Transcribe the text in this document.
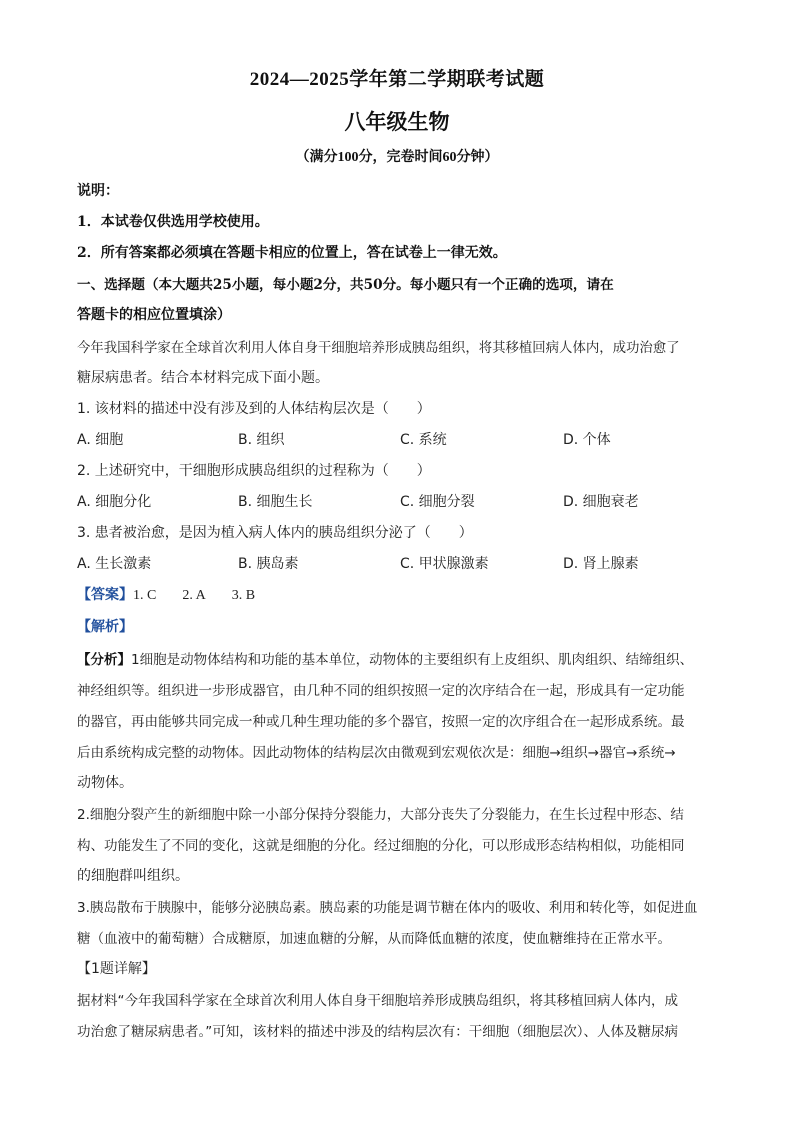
2024—2025学年第二学期联考试题
八年级生物
（满分100分，完卷时间60分钟）
说明：
1．本试卷仅供选用学校使用。
2．所有答案都必须填在答题卡相应的位置上，答在试卷上一律无效。
一、选择题（本大题共25小题，每小题2分，共50分。每小题只有一个正确的选项，请在
答题卡的相应位置填涂）
今年我国科学家在全球首次利用人体自身干细胞培养形成胰岛组织，将其移植回病人体内，成功治愈了
糖尿病患者。结合本材料完成下面小题。
1. 该材料的描述中没有涉及到的人体结构层次是（　　）
A. 细胞	B. 组织	C. 系统	D. 个体
2. 上述研究中，干细胞形成胰岛组织的过程称为（　　）
A. 细胞分化	B. 细胞生长	C. 细胞分裂	D. 细胞衰老
3. 患者被治愈，是因为植入病人体内的胰岛组织分泌了（　　）
A. 生长激素	B. 胰岛素	C. 甲状腺激素	D. 肾上腺素
【答案】1. C 2. A 3. B
【解析】
【分析】1细胞是动物体结构和功能的基本单位，动物体的主要组织有上皮组织、肌肉组织、结缔组织、
神经组织等。组织进一步形成器官，由几种不同的组织按照一定的次序结合在一起，形成具有一定功能
的器官，再由能够共同完成一种或几种生理功能的多个器官，按照一定的次序组合在一起形成系统。最
后由系统构成完整的动物体。因此动物体的结构层次由微观到宏观依次是：细胞→组织→器官→系统→
动物体。
2.细胞分裂产生的新细胞中除一小部分保持分裂能力，大部分丧失了分裂能力，在生长过程中形态、结
构、功能发生了不同的变化，这就是细胞的分化。经过细胞的分化，可以形成形态结构相似，功能相同
的细胞群叫组织。
3.胰岛散布于胰腺中，能够分泌胰岛素。胰岛素的功能是调节糖在体内的吸收、利用和转化等，如促进血
糖（血液中的葡萄糖）合成糖原，加速血糖的分解，从而降低血糖的浓度，使血糖维持在正常水平。
【1题详解】
据材料“今年我国科学家在全球首次利用人体自身干细胞培养形成胰岛组织，将其移植回病人体内，成
功治愈了糖尿病患者。”可知，该材料的描述中涉及的结构层次有：干细胞（细胞层次）、人体及糖尿病
